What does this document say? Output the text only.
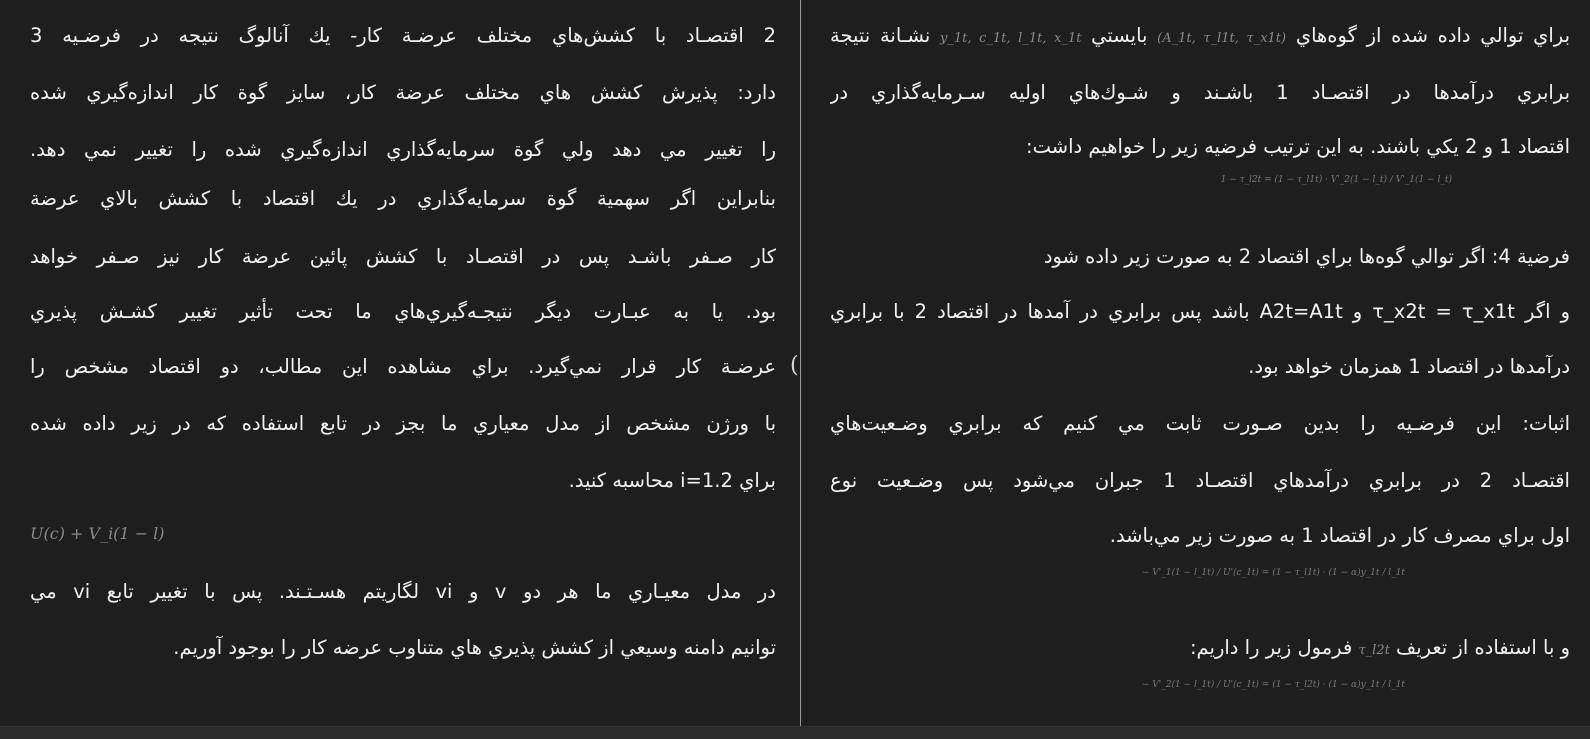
2 اقتصـاد با كشش‌هاي مختلف عرضـة كار- يك آنالوگ نتيجه در فرضـيه 3
دارد: پذيرش كشش هاي مختلف عرضة كار، سايز گوة كار اندازه‌گيري شده
را تغيير مي دهد ولي گوة سرمايه‌گذاري اندازه‌گيري شده را تغيير نمي دهد.
بنابراين اگر سهمية گوة سرمايه‌گذاري در يك اقتصاد با كشش بالاي عرضة
كار صـفر باشـد پس در اقتصـاد با كشش پائين عرضة كار نيز صـفر خواهد
بود. يا به عبـارت ديگر نتيجـه‌گيري‌هاي ما تحت تأثير تغيير كشـش پذيري
عرضـة كار قرار نمي‌گيرد. براي مشاهده اين مطالب، دو اقتصاد مشخص را
با ورژن مشخص از مدل معياري ما بجز در تابع استفاده كه در زير داده شده
براي i=1.2 محاسبه كنيد.
U(c) + V_i(1 − l)
در مدل معيـاري ما هر دو v و vi لگاريتم هسـتـند. پس با تغيير تابع vi مي
توانيم دامنه وسيعي از كشش پذيري هاي متناوب عرضه كار را بوجود آوريم.
(
براي توالي داده شده از گوه‌هاي (A_1t, τ_l1t, τ_x1t) بايستي y_1t, c_1t, l_1t, x_1t نشـانة نتيجة
برابري درآمدها در اقتصـاد 1 باشـند و شـوك‌هاي اوليه سـرمايه‌گذاري در
اقتصاد 1 و 2 يكي باشند. به اين ترتيب فرضيه زير را خواهيم داشت:
1 − τ_l2t = (1 − τ_l1t) · V'_2(1 − l_t) / V'_1(1 − l_t)
فرضية 4: اگر توالي گوه‌ها براي اقتصاد 2 به صورت زير داده شود
و اگر τ_x2t = τ_x1t و A2t=A1t باشد پس برابري در آمدها در اقتصاد 2 با برابري
درآمدها در اقتصاد 1 همزمان خواهد بود.
اثبات: اين فرضـيه را بدين صـورت ثابت مي كنيم كه برابري وضـعيت‌هاي
اقتصـاد 2 در برابري درآمدهاي اقتصـاد 1 جبران مي‌شود پس وضـعيت نوع
اول براي مصرف كار در اقتصاد 1 به صورت زير مي‌باشد.
− V'_1(1 − l_1t) / U'(c_1t) = (1 − τ_l1t) · (1 − α)y_1t / l_1t
و با استفاده از تعريف τ_l2t فرمول زير را داريم:
− V'_2(1 − l_1t) / U'(c_1t) = (1 − τ_l2t) · (1 − α)y_1t / l_1t
